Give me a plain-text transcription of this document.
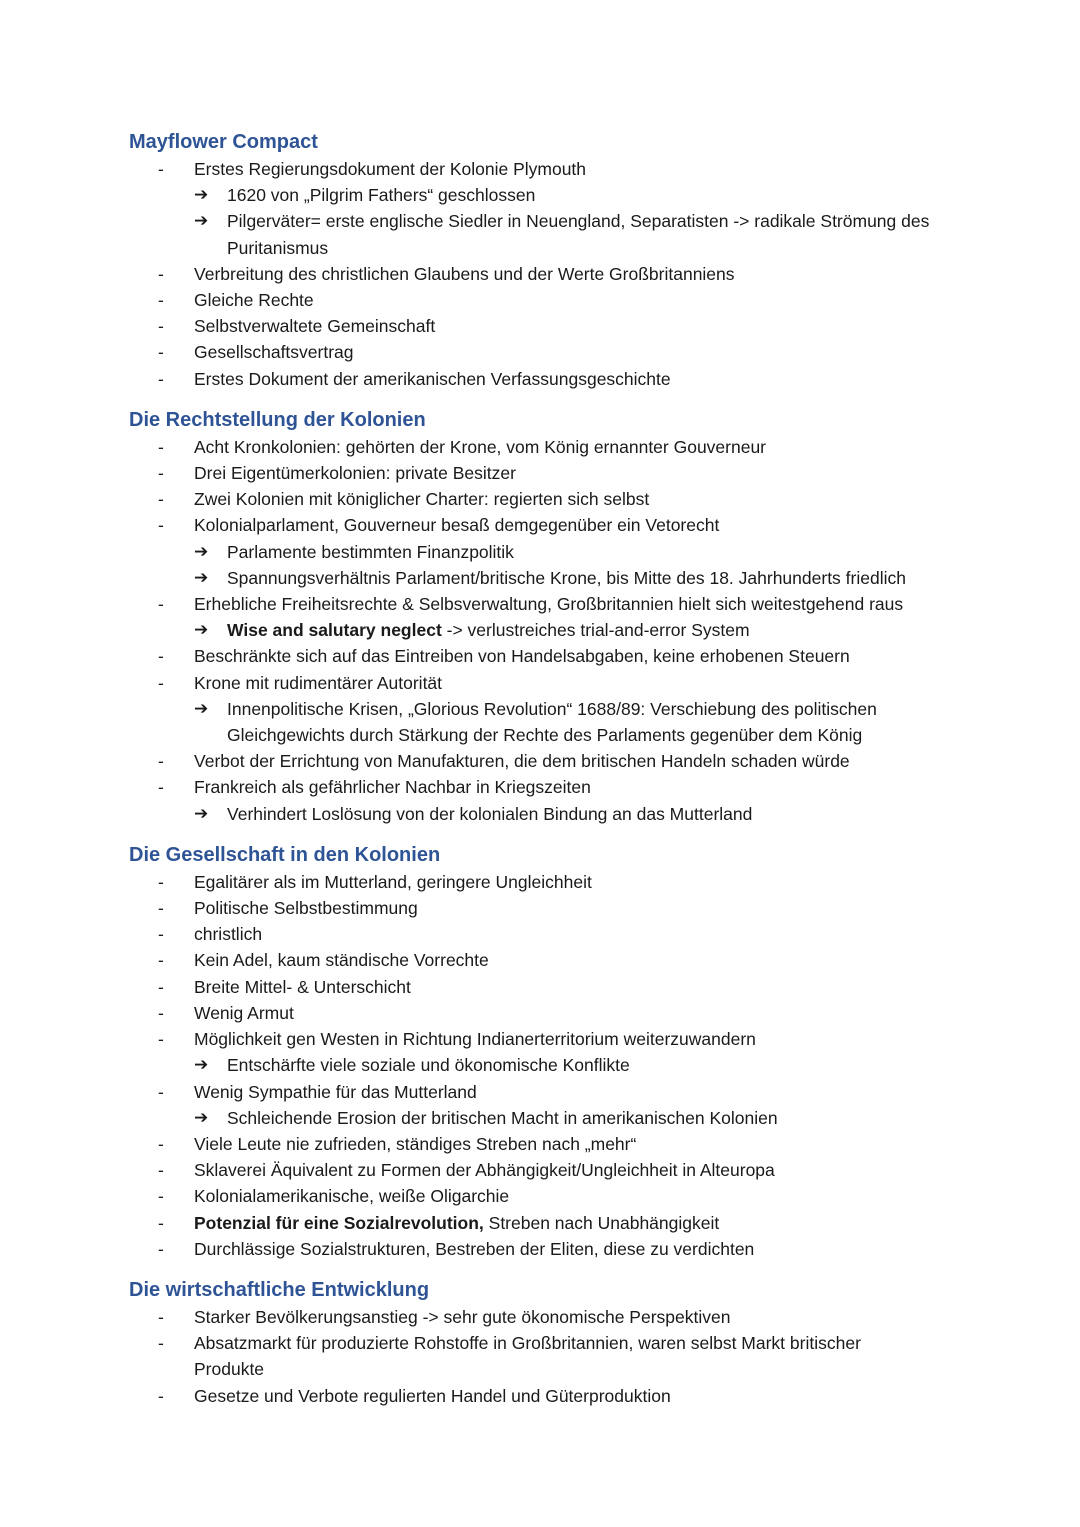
Mayflower Compact
-	Erstes Regierungsdokument der Kolonie Plymouth
➔ 1620 von „Pilgrim Fathers“ geschlossen
➔ Pilgerväter= erste englische Siedler in Neuengland, Separatisten -> radikale Strömung des
Puritanismus
-	Verbreitung des christlichen Glaubens und der Werte Großbritanniens
-	Gleiche Rechte
-	Selbstverwaltete Gemeinschaft
-	Gesellschaftsvertrag
-	Erstes Dokument der amerikanischen Verfassungsgeschichte
Die Rechtstellung der Kolonien
-	Acht Kronkolonien: gehörten der Krone, vom König ernannter Gouverneur
-	Drei Eigentümerkolonien: private Besitzer
-	Zwei Kolonien mit königlicher Charter: regierten sich selbst
-	Kolonialparlament, Gouverneur besaß demgegenüber ein Vetorecht
➔ Parlamente bestimmten Finanzpolitik
➔ Spannungsverhältnis Parlament/britische Krone, bis Mitte des 18. Jahrhunderts friedlich
-	Erhebliche Freiheitsrechte & Selbsverwaltung, Großbritannien hielt sich weitestgehend raus
➔ Wise and salutary neglect -> verlustreiches trial-and-error System
-	Beschränkte sich auf das Eintreiben von Handelsabgaben, keine erhobenen Steuern
-	Krone mit rudimentärer Autorität
➔ Innenpolitische Krisen, „Glorious Revolution“ 1688/89: Verschiebung des politischen
Gleichgewichts durch Stärkung der Rechte des Parlaments gegenüber dem König
-	Verbot der Errichtung von Manufakturen, die dem britischen Handeln schaden würde
-	Frankreich als gefährlicher Nachbar in Kriegszeiten
➔ Verhindert Loslösung von der kolonialen Bindung an das Mutterland
Die Gesellschaft in den Kolonien
-	Egalitärer als im Mutterland, geringere Ungleichheit
-	Politische Selbstbestimmung
-	christlich
-	Kein Adel, kaum ständische Vorrechte
-	Breite Mittel- & Unterschicht
-	Wenig Armut
-	Möglichkeit gen Westen in Richtung Indianerterritorium weiterzuwandern
➔ Entschärfte viele soziale und ökonomische Konflikte
-	Wenig Sympathie für das Mutterland
➔ Schleichende Erosion der britischen Macht in amerikanischen Kolonien
-	Viele Leute nie zufrieden, ständiges Streben nach „mehr“
-	Sklaverei Äquivalent zu Formen der Abhängigkeit/Ungleichheit in Alteuropa
-	Kolonialamerikanische, weiße Oligarchie
-	Potenzial für eine Sozialrevolution, Streben nach Unabhängigkeit
-	Durchlässige Sozialstrukturen, Bestreben der Eliten, diese zu verdichten
Die wirtschaftliche Entwicklung
-	Starker Bevölkerungsanstieg -> sehr gute ökonomische Perspektiven
-	Absatzmarkt für produzierte Rohstoffe in Großbritannien, waren selbst Markt britischer
Produkte
-	Gesetze und Verbote regulierten Handel und Güterproduktion
